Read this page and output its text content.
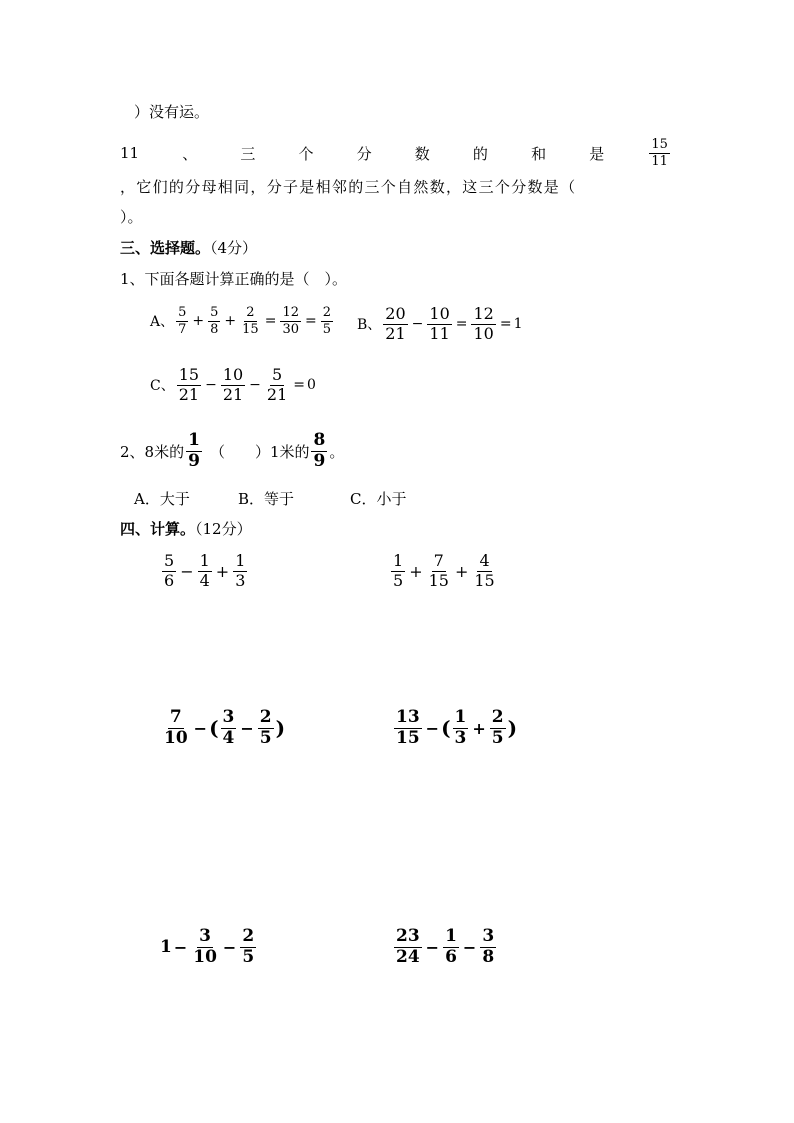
）没有运。
11	、	三	个	分	数	的	和	是	$\frac{15}{11}$
，它们的分母相同，分子是相邻的三个自然数，这三个分数是（
）。
三、选择题。（4分）
1、下面各题计算正确的是（　）。
A、 $\frac{5}{7} + \frac{5}{8} + \frac{2}{15} = \frac{12}{30} = \frac{2}{5}$ B、 $\frac{20}{21} - \frac{10}{11} = \frac{12}{10} = 1$
C、 $\frac{15}{21} - \frac{10}{21} - \frac{5}{21} = 0$
2、8米的 $\frac{1}{9}$ （　　）1米的 $\frac{8}{9}$ 。
A．大于	B．等于	C．小于
四、计算。（12分）
$\frac{5}{6} - \frac{1}{4} + \frac{1}{3}$	$\frac{1}{5} + \frac{7}{15} + \frac{4}{15}$
$\frac{7}{10}$ − ( $\frac{3}{4} - \frac{2}{5}$ )	$\frac{13}{15}$ − ( $\frac{1}{3} + \frac{2}{5}$ )
$1 - \frac{3}{10} - \frac{2}{5}$	$\frac{23}{24} - \frac{1}{6} - \frac{3}{8}$
